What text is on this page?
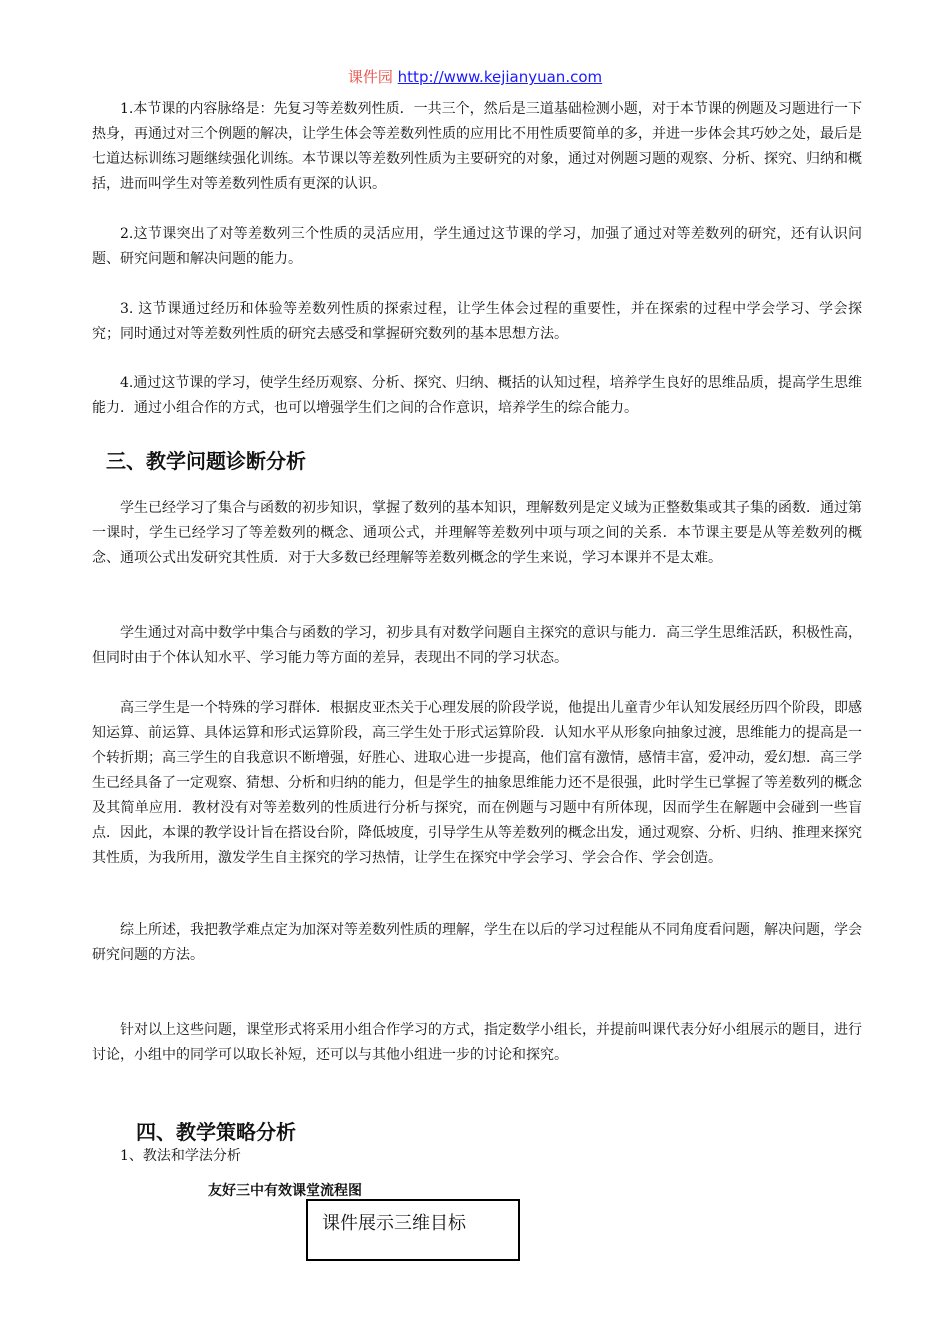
课件园 http://www.kejianyuan.com
1.本节课的内容脉络是：先复习等差数列性质．一共三个，然后是三道基础检测小题，对于本节课的例题及习题进行一下热身，再通过对三个例题的解决，让学生体会等差数列性质的应用比不用性质要简单的多，并进一步体会其巧妙之处，最后是七道达标训练习题继续强化训练。本节课以等差数列性质为主要研究的对象，通过对例题习题的观察、分析、探究、归纳和概括，进而叫学生对等差数列性质有更深的认识。
2.这节课突出了对等差数列三个性质的灵活应用，学生通过这节课的学习，加强了通过对等差数列的研究，还有认识问题、研究问题和解决问题的能力。
3. 这节课通过经历和体验等差数列性质的探索过程，让学生体会过程的重要性，并在探索的过程中学会学习、学会探究；同时通过对等差数列性质的研究去感受和掌握研究数列的基本思想方法。
4.通过这节课的学习，使学生经历观察、分析、探究、归纳、概括的认知过程，培养学生良好的思维品质，提高学生思维能力．通过小组合作的方式，也可以增强学生们之间的合作意识，培养学生的综合能力。
三、教学问题诊断分析
学生已经学习了集合与函数的初步知识，掌握了数列的基本知识，理解数列是定义域为正整数集或其子集的函数．通过第一课时，学生已经学习了等差数列的概念、通项公式，并理解等差数列中项与项之间的关系．本节课主要是从等差数列的概念、通项公式出发研究其性质．对于大多数已经理解等差数列概念的学生来说，学习本课并不是太难。
学生通过对高中数学中集合与函数的学习，初步具有对数学问题自主探究的意识与能力．高三学生思维活跃，积极性高，但同时由于个体认知水平、学习能力等方面的差异，表现出不同的学习状态。
高三学生是一个特殊的学习群体．根据皮亚杰关于心理发展的阶段学说，他提出儿童青少年认知发展经历四个阶段，即感知运算、前运算、具体运算和形式运算阶段，高三学生处于形式运算阶段．认知水平从形象向抽象过渡，思维能力的提高是一个转折期；高三学生的自我意识不断增强，好胜心、进取心进一步提高，他们富有激情，感情丰富，爱冲动，爱幻想．高三学生已经具备了一定观察、猜想、分析和归纳的能力，但是学生的抽象思维能力还不是很强，此时学生已掌握了等差数列的概念及其简单应用．教材没有对等差数列的性质进行分析与探究，而在例题与习题中有所体现，因而学生在解题中会碰到一些盲点．因此，本课的教学设计旨在搭设台阶，降低坡度，引导学生从等差数列的概念出发，通过观察、分析、归纳、推理来探究其性质，为我所用，激发学生自主探究的学习热情，让学生在探究中学会学习、学会合作、学会创造。
综上所述，我把教学难点定为加深对等差数列性质的理解，学生在以后的学习过程能从不同角度看问题，解决问题，学会研究问题的方法。
针对以上这些问题，课堂形式将采用小组合作学习的方式，指定数学小组长，并提前叫课代表分好小组展示的题目，进行讨论，小组中的同学可以取长补短，还可以与其他小组进一步的讨论和探究。
四、教学策略分析
1、教法和学法分析
友好三中有效课堂流程图
课件展示三维目标
